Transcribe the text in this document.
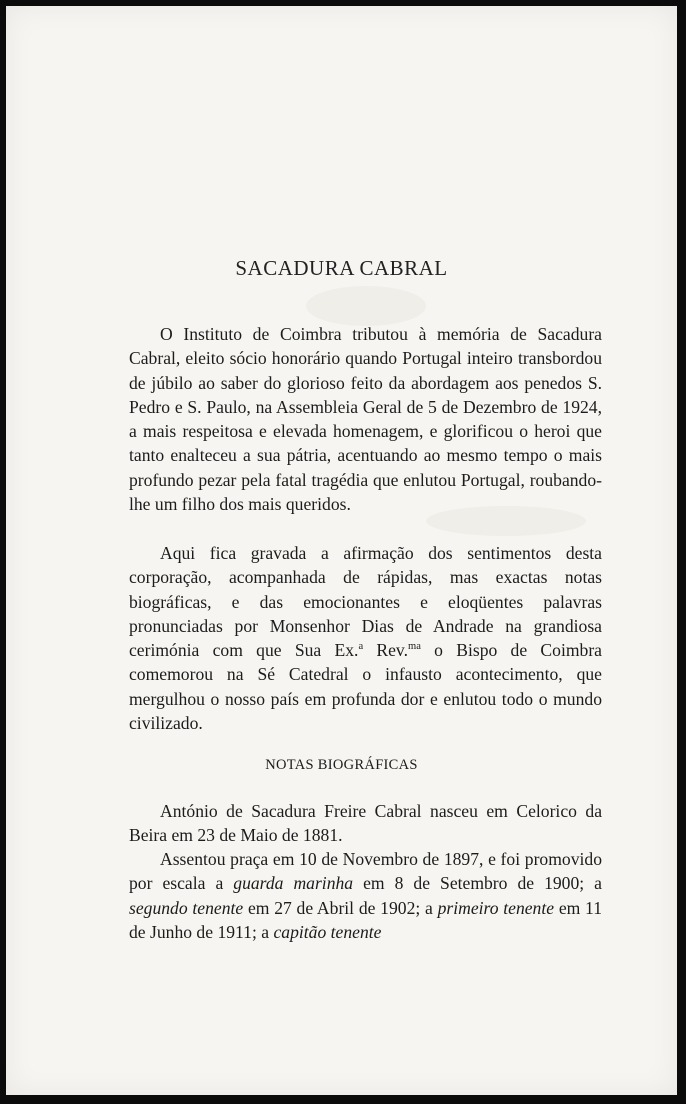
SACADURA CABRAL

O Instituto de Coimbra tributou à memória de Sacadura Cabral, eleito sócio honorário quando Portugal inteiro transbordou de júbilo ao saber do glorioso feito da abordagem aos penedos S. Pedro e S. Paulo, na Assembleia Geral de 5 de Dezembro de 1924, a mais respeitosa e elevada homenagem, e glorificou o heroi que tanto enalteceu a sua pátria, acentuando ao mesmo tempo o mais profundo pezar pela fatal tragédia que enlutou Portugal, roubando-lhe um filho dos mais queridos.

Aqui fica gravada a afirmação dos sentimentos desta corporação, acompanhada de rápidas, mas exactas notas biográficas, e das emocionantes e eloqüentes palavras pronunciadas por Monsenhor Dias de Andrade na grandiosa cerimónia com que Sua Ex.$^a$ Rev.$^{ma}$ o Bispo de Coimbra comemorou na Sé Catedral o infausto acontecimento, que mergulhou o nosso país em profunda dor e enlutou todo o mundo civilizado.

NOTAS BIOGRÁFICAS

António de Sacadura Freire Cabral nasceu em Celorico da Beira em 23 de Maio de 1881.

Assentou praça em 10 de Novembro de 1897, e foi promovido por escala a guarda marinha em 8 de Setembro de 1900; a segundo tenente em 27 de Abril de 1902; a primeiro tenente em 11 de Junho de 1911; a capitão tenente
